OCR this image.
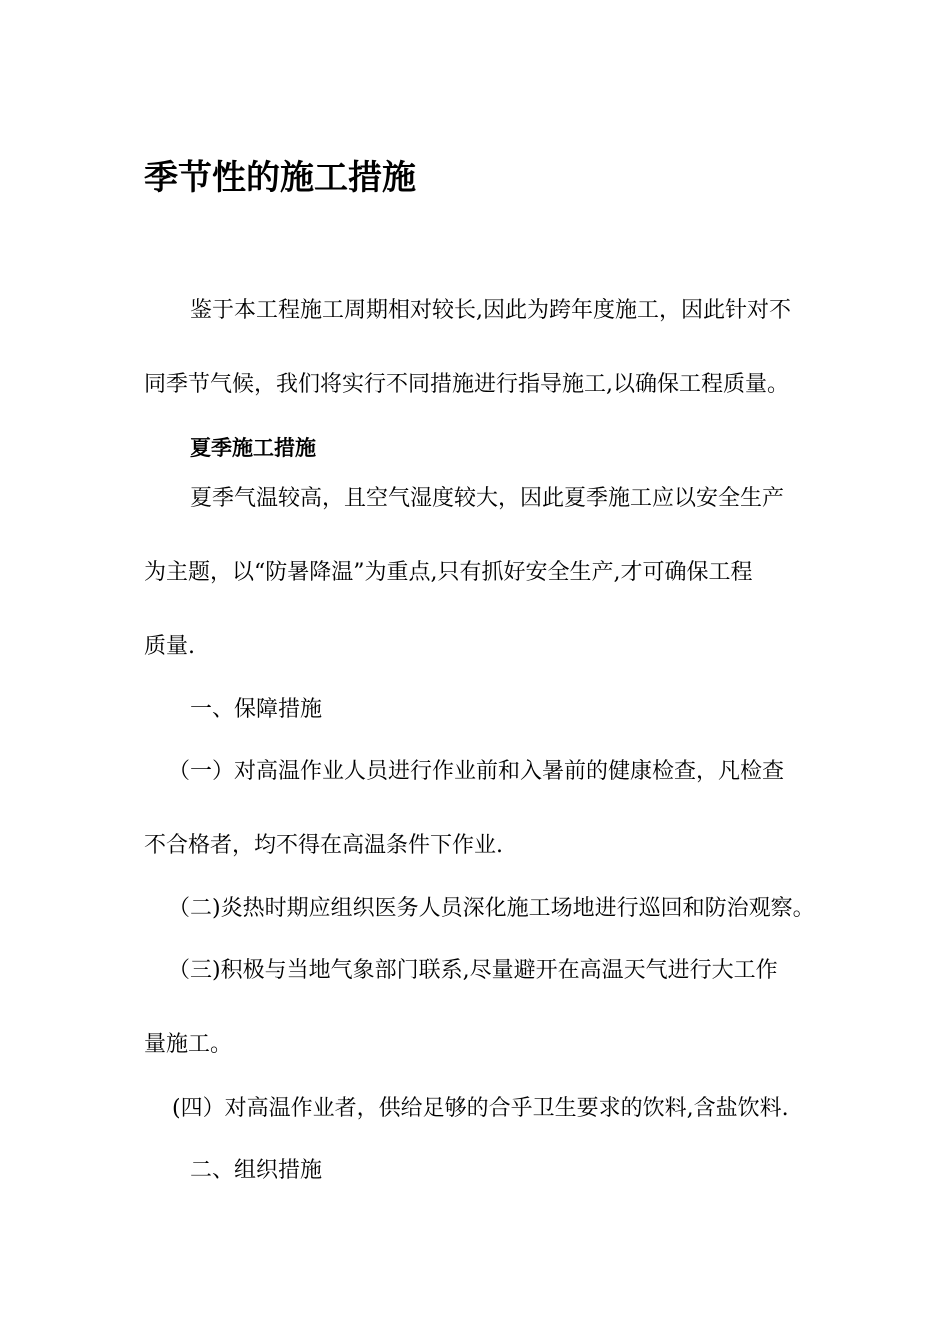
季节性的施工措施

鉴于本工程施工周期相对较长,因此为跨年度施工，因此针对不

同季节气候，我们将实行不同措施进行指导施工,以确保工程质量。

夏季施工措施

夏季气温较高，且空气湿度较大，因此夏季施工应以安全生产

为主题，以“防暑降温”为重点,只有抓好安全生产,才可确保工程

质量.

一、保障措施

（一）对高温作业人员进行作业前和入暑前的健康检查，凡检查

不合格者，均不得在高温条件下作业.

（二)炎热时期应组织医务人员深化施工场地进行巡回和防治观察。

（三)积极与当地气象部门联系,尽量避开在高温天气进行大工作

量施工。

(四）对高温作业者，供给足够的合乎卫生要求的饮料,含盐饮料.

二、组织措施
